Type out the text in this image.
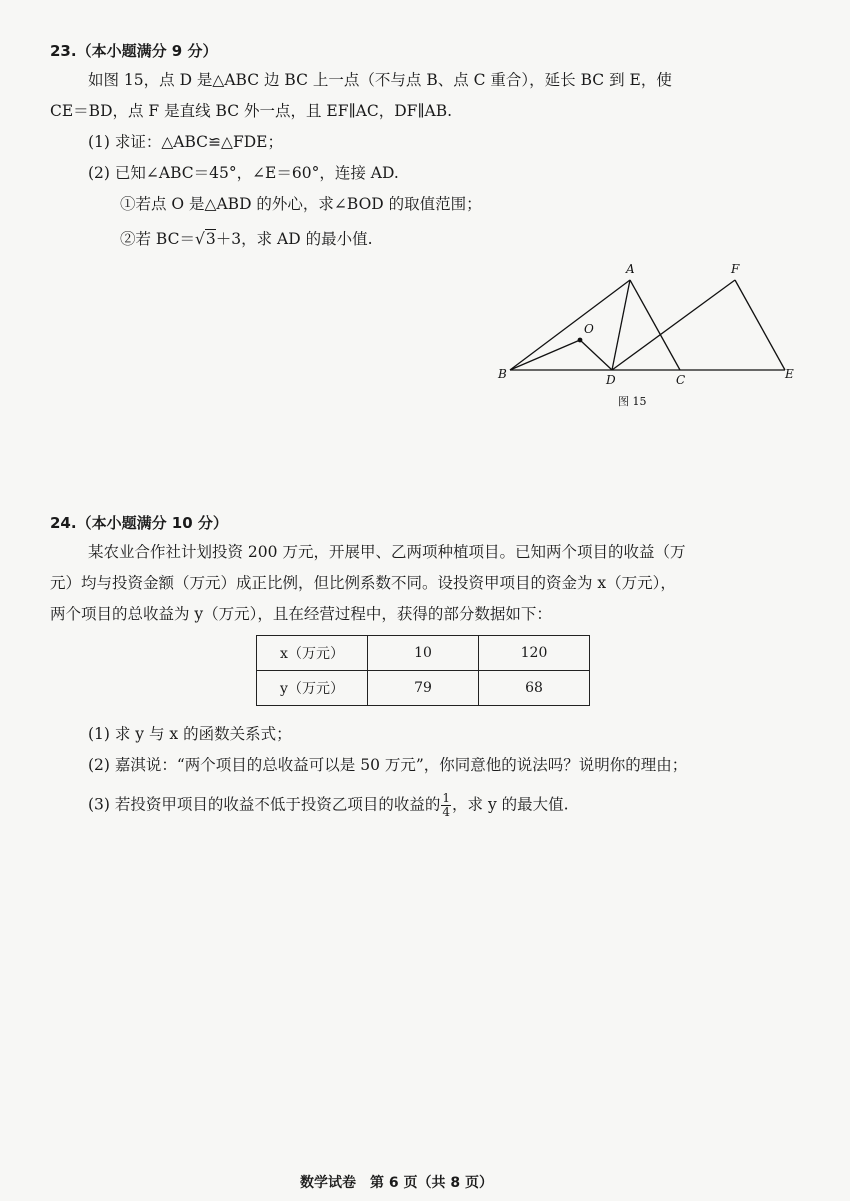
23.（本小题满分 9 分）
如图 15，点 D 是△ABC 边 BC 上一点（不与点 B、点 C 重合），延长 BC 到 E，使
CE＝BD，点 F 是直线 BC 外一点，且 EF∥AC，DF∥AB.
(1) 求证：△ABC≌△FDE；
(2) 已知∠ABC＝45°，∠E＝60°，连接 AD.
①若点 O 是△ABD 的外心，求∠BOD 的取值范围；
②若 BC＝√3＋3，求 AD 的最小值.
A
B	C
D	E
F
O
图 15
24.（本小题满分 10 分）
某农业合作社计划投资 200 万元，开展甲、乙两项种植项目。已知两个项目的收益（万
元）均与投资金额（万元）成正比例，但比例系数不同。设投资甲项目的资金为 x（万元），
两个项目的总收益为 y（万元），且在经营过程中，获得的部分数据如下：
x（万元）	10	120
y（万元）	79	68
(1) 求 y 与 x 的函数关系式；
(2) 嘉淇说：“两个项目的总收益可以是 50 万元”，你同意他的说法吗？说明你的理由；
(3) 若投资甲项目的收益不低于投资乙项目的收益的 $\frac{1}{4}$ ，求 y 的最大值.
数学试卷　第 6 页（共 8 页）
